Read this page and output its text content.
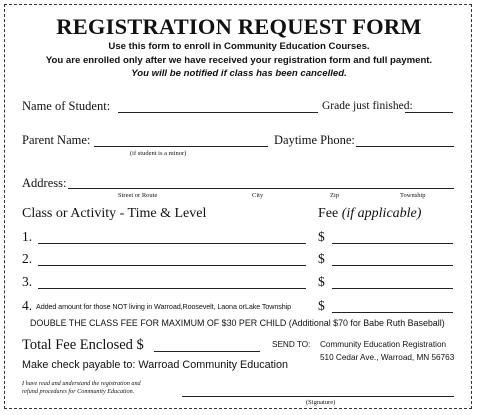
REGISTRATION REQUEST FORM
Use this form to enroll in Community Education Courses.
You are enrolled only after we have received your registration form and full payment.
You will be notified if class has been cancelled.
Name of Student:	Grade just finished:
Parent Name:
(if student is a minor)
Daytime Phone:
Address:
Street or Route	City	Zip	Township
Class or Activity - Time & Level	Fee (if applicable)
1.	$
2.	$
3.	$
4. Added amount for those NOT living in Warroad,Roosevelt, Laona orLake Township $
DOUBLE THE CLASS FEE FOR MAXIMUM OF $30 PER CHILD (Additional $70 for Babe Ruth Baseball)
Total Fee Enclosed $	SEND TO: Community Education Registration
510 Cedar Ave., Warroad, MN 56763
Make check payable to: Warroad Community Education
I have read and understand the registration and
refund procedures for Community Education.
(Signature)
